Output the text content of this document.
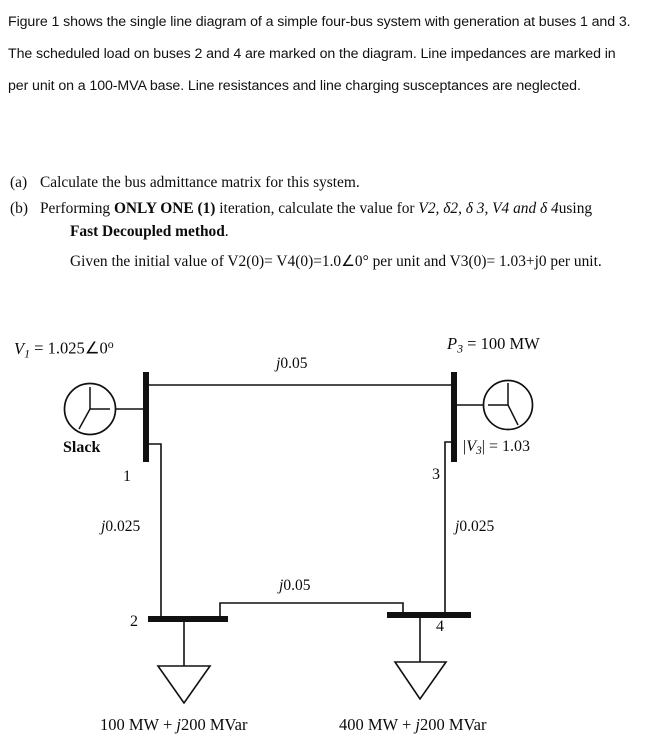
Figure 1 shows the single line diagram of a simple four-bus system with generation at buses 1 and 3. The scheduled load on buses 2 and 4 are marked on the diagram. Line impedances are marked in per unit on a 100-MVA base. Line resistances and line charging susceptances are neglected.
(a) Calculate the bus admittance matrix for this system.
(b) Performing ONLY ONE (1) iteration, calculate the value for V2, δ2, δ 3, V4 and δ 4using
Fast Decoupled method.
Given the initial value of V2(0)= V4(0)=1.0∠0° per unit and V3(0)= 1.03+j0 per unit.
$V_1$ = $1.025\angle 0^o$	$P_3 = 100$ MW
j0.05
Slack	$|V_3| = 1.03$
1	3
2	4
j0.025	j0.025
j0.05
100 MW + j200 MVar	400 MW + j200 MVar
